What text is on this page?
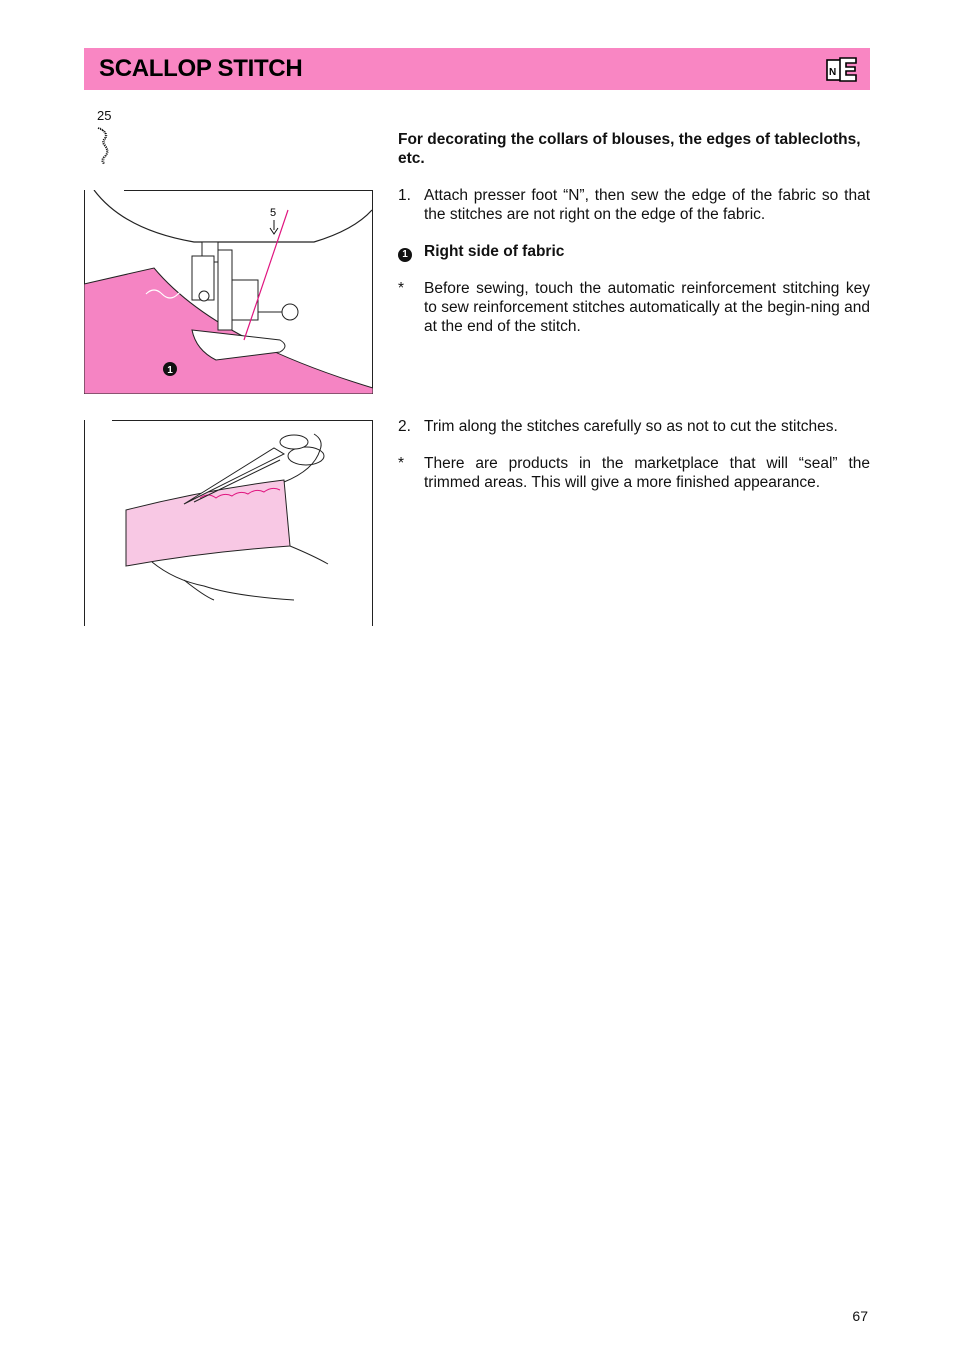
SCALLOP STITCH	N
25
5
1
For decorating the collars of blouses, the edges of tablecloths, etc.
1. Attach presser foot “N”, then sew the edge of the fabric so that the stitches are not right on the edge of the fabric.
1 Right side of fabric
* Before sewing, touch the automatic reinforcement stitching key to sew reinforcement stitches automatically at the begin-ning and at the end of the stitch.
2. Trim along the stitches carefully so as not to cut the stitches.
* There are products in the marketplace that will “seal” the trimmed areas. This will give a more finished appearance.
67
